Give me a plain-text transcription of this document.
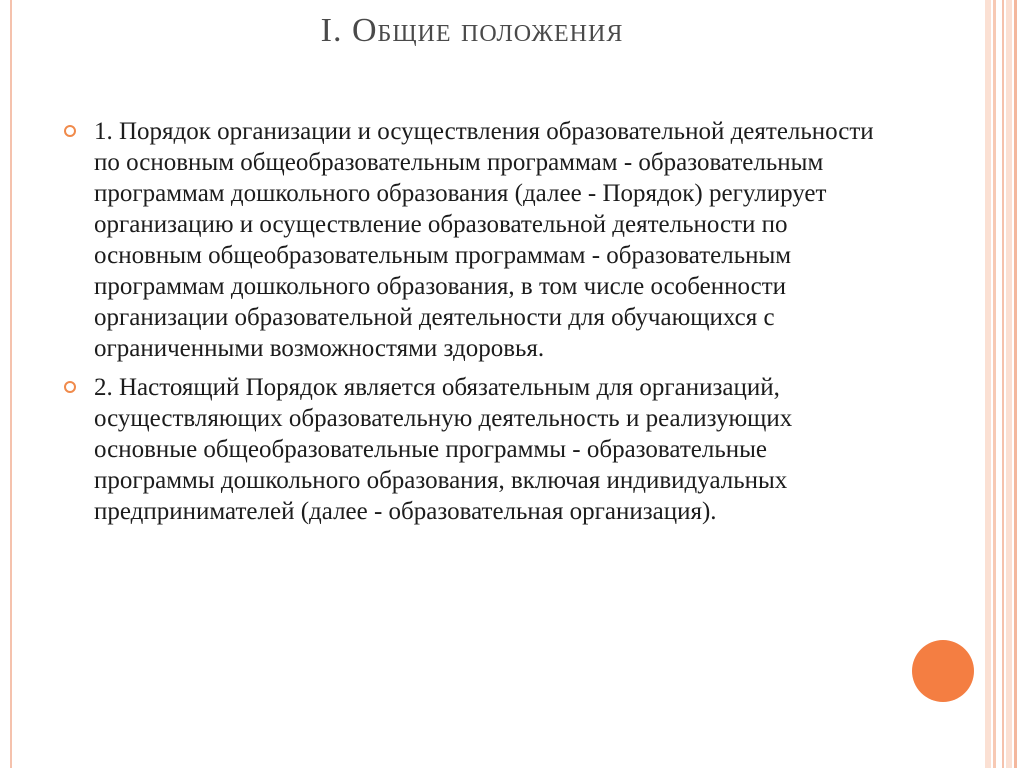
I. Общие положения
1. Порядок организации и осуществления образовательной деятельности по основным общеобразовательным программам - образовательным программам дошкольного образования (далее - Порядок) регулирует организацию и осуществление образовательной деятельности по основным общеобразовательным программам - образовательным программам дошкольного образования, в том числе особенности организации образовательной деятельности для обучающихся с ограниченными возможностями здоровья.
2. Настоящий Порядок является обязательным для организаций, осуществляющих образовательную деятельность и реализующих основные общеобразовательные программы - образовательные программы дошкольного образования, включая индивидуальных предпринимателей (далее - образовательная организация).
